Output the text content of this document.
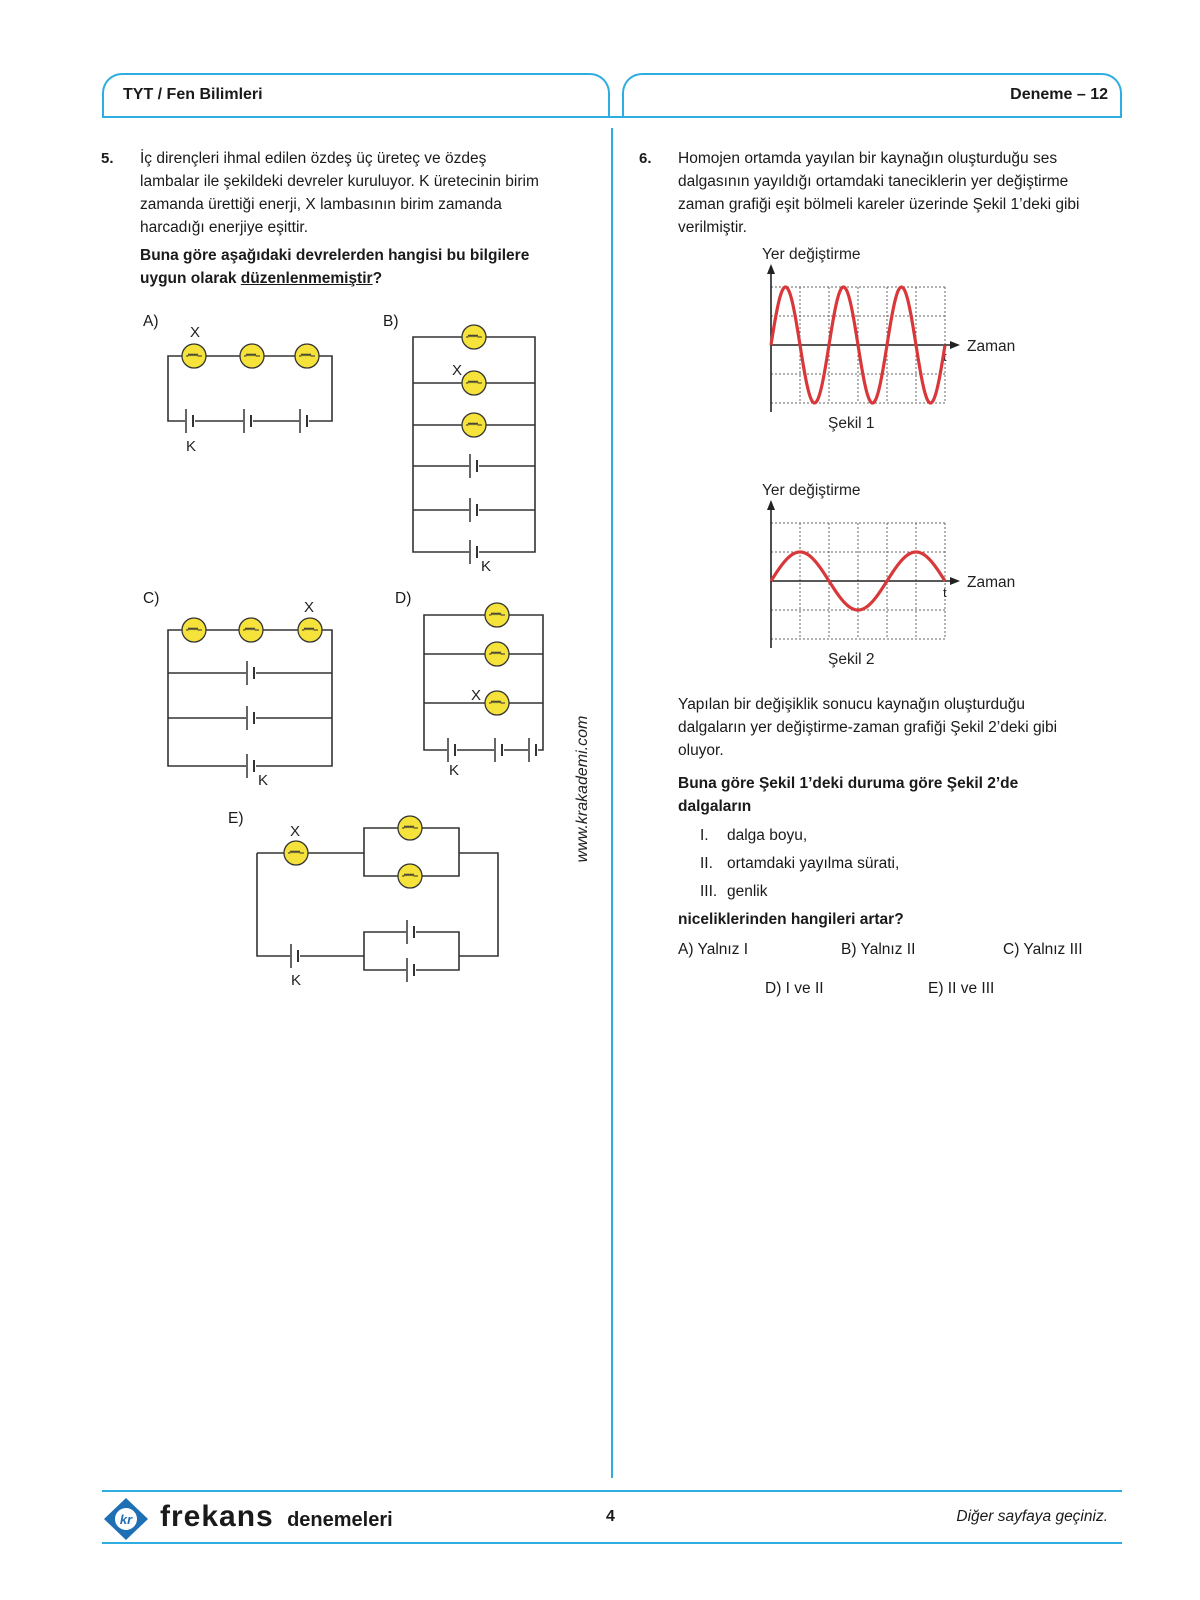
TYT / Fen Bilimleri	Deneme – 12
www.krakademi.com
5. İç dirençleri ihmal edilen özdeş üç üreteç ve özdeş
lambalar ile şekildeki devreler kuruluyor. K üretecinin birim
zamanda ürettiği enerji, X lambasının birim zamanda
harcadığı enerjiye eşittir.
Buna göre aşağıdaki devrelerden hangisi bu bilgilere
uygun olarak düzenlenmemiştir?
A)	B)
C)	D)
E)
X
K
X
K
X
K
X
K
X
K
6. Homojen ortamda yayılan bir kaynağın oluşturduğu ses
dalgasının yayıldığı ortamdaki taneciklerin yer değiştirme
zaman grafiği eşit bölmeli kareler üzerinde Şekil 1’deki gibi
verilmiştir.
Yer değiştirme
Zaman
t
Şekil 1
Yer değiştirme
Zaman
t
Şekil 2
Yapılan bir değişiklik sonucu kaynağın oluşturduğu
dalgaların yer değiştirme-zaman grafiği Şekil 2’deki gibi
oluyor.
Buna göre Şekil 1’deki duruma göre Şekil 2’de
dalgaların
I. dalga boyu,
II. ortamdaki yayılma sürati,
III. genlik
niceliklerinden hangileri artar?
A) Yalnız I	B) Yalnız II	C) Yalnız III
D) I ve II	E) II ve III
kr frekans denemeleri	4	Diğer sayfaya geçiniz.
